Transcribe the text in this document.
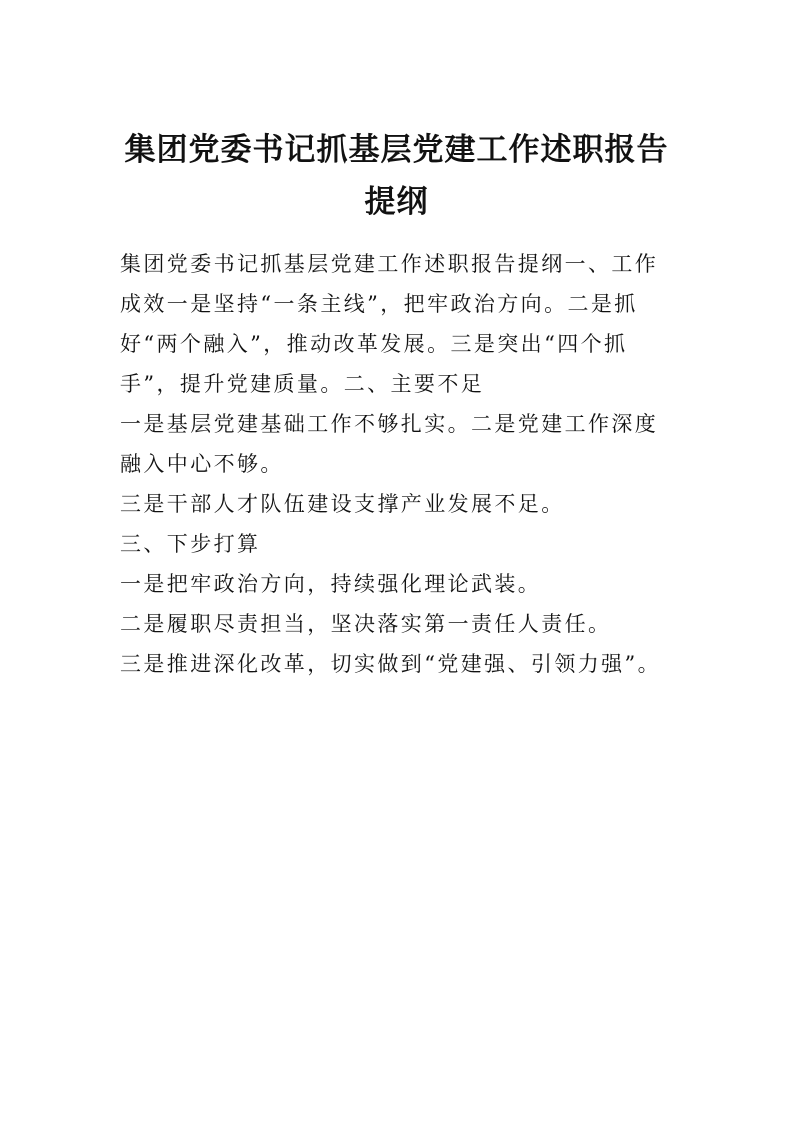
集团党委书记抓基层党建工作述职报告提纲

集团党委书记抓基层党建工作述职报告提纲一、工作成效一是坚持“一条主线”，把牢政治方向。二是抓好“两个融入”，推动改革发展。三是突出“四个抓手”，提升党建质量。二、主要不足

一是基层党建基础工作不够扎实。二是党建工作深度融入中心不够。

三是干部人才队伍建设支撑产业发展不足。

三、下步打算

一是把牢政治方向，持续强化理论武装。

二是履职尽责担当，坚决落实第一责任人责任。

三是推进深化改革，切实做到“党建强、引领力强”。
